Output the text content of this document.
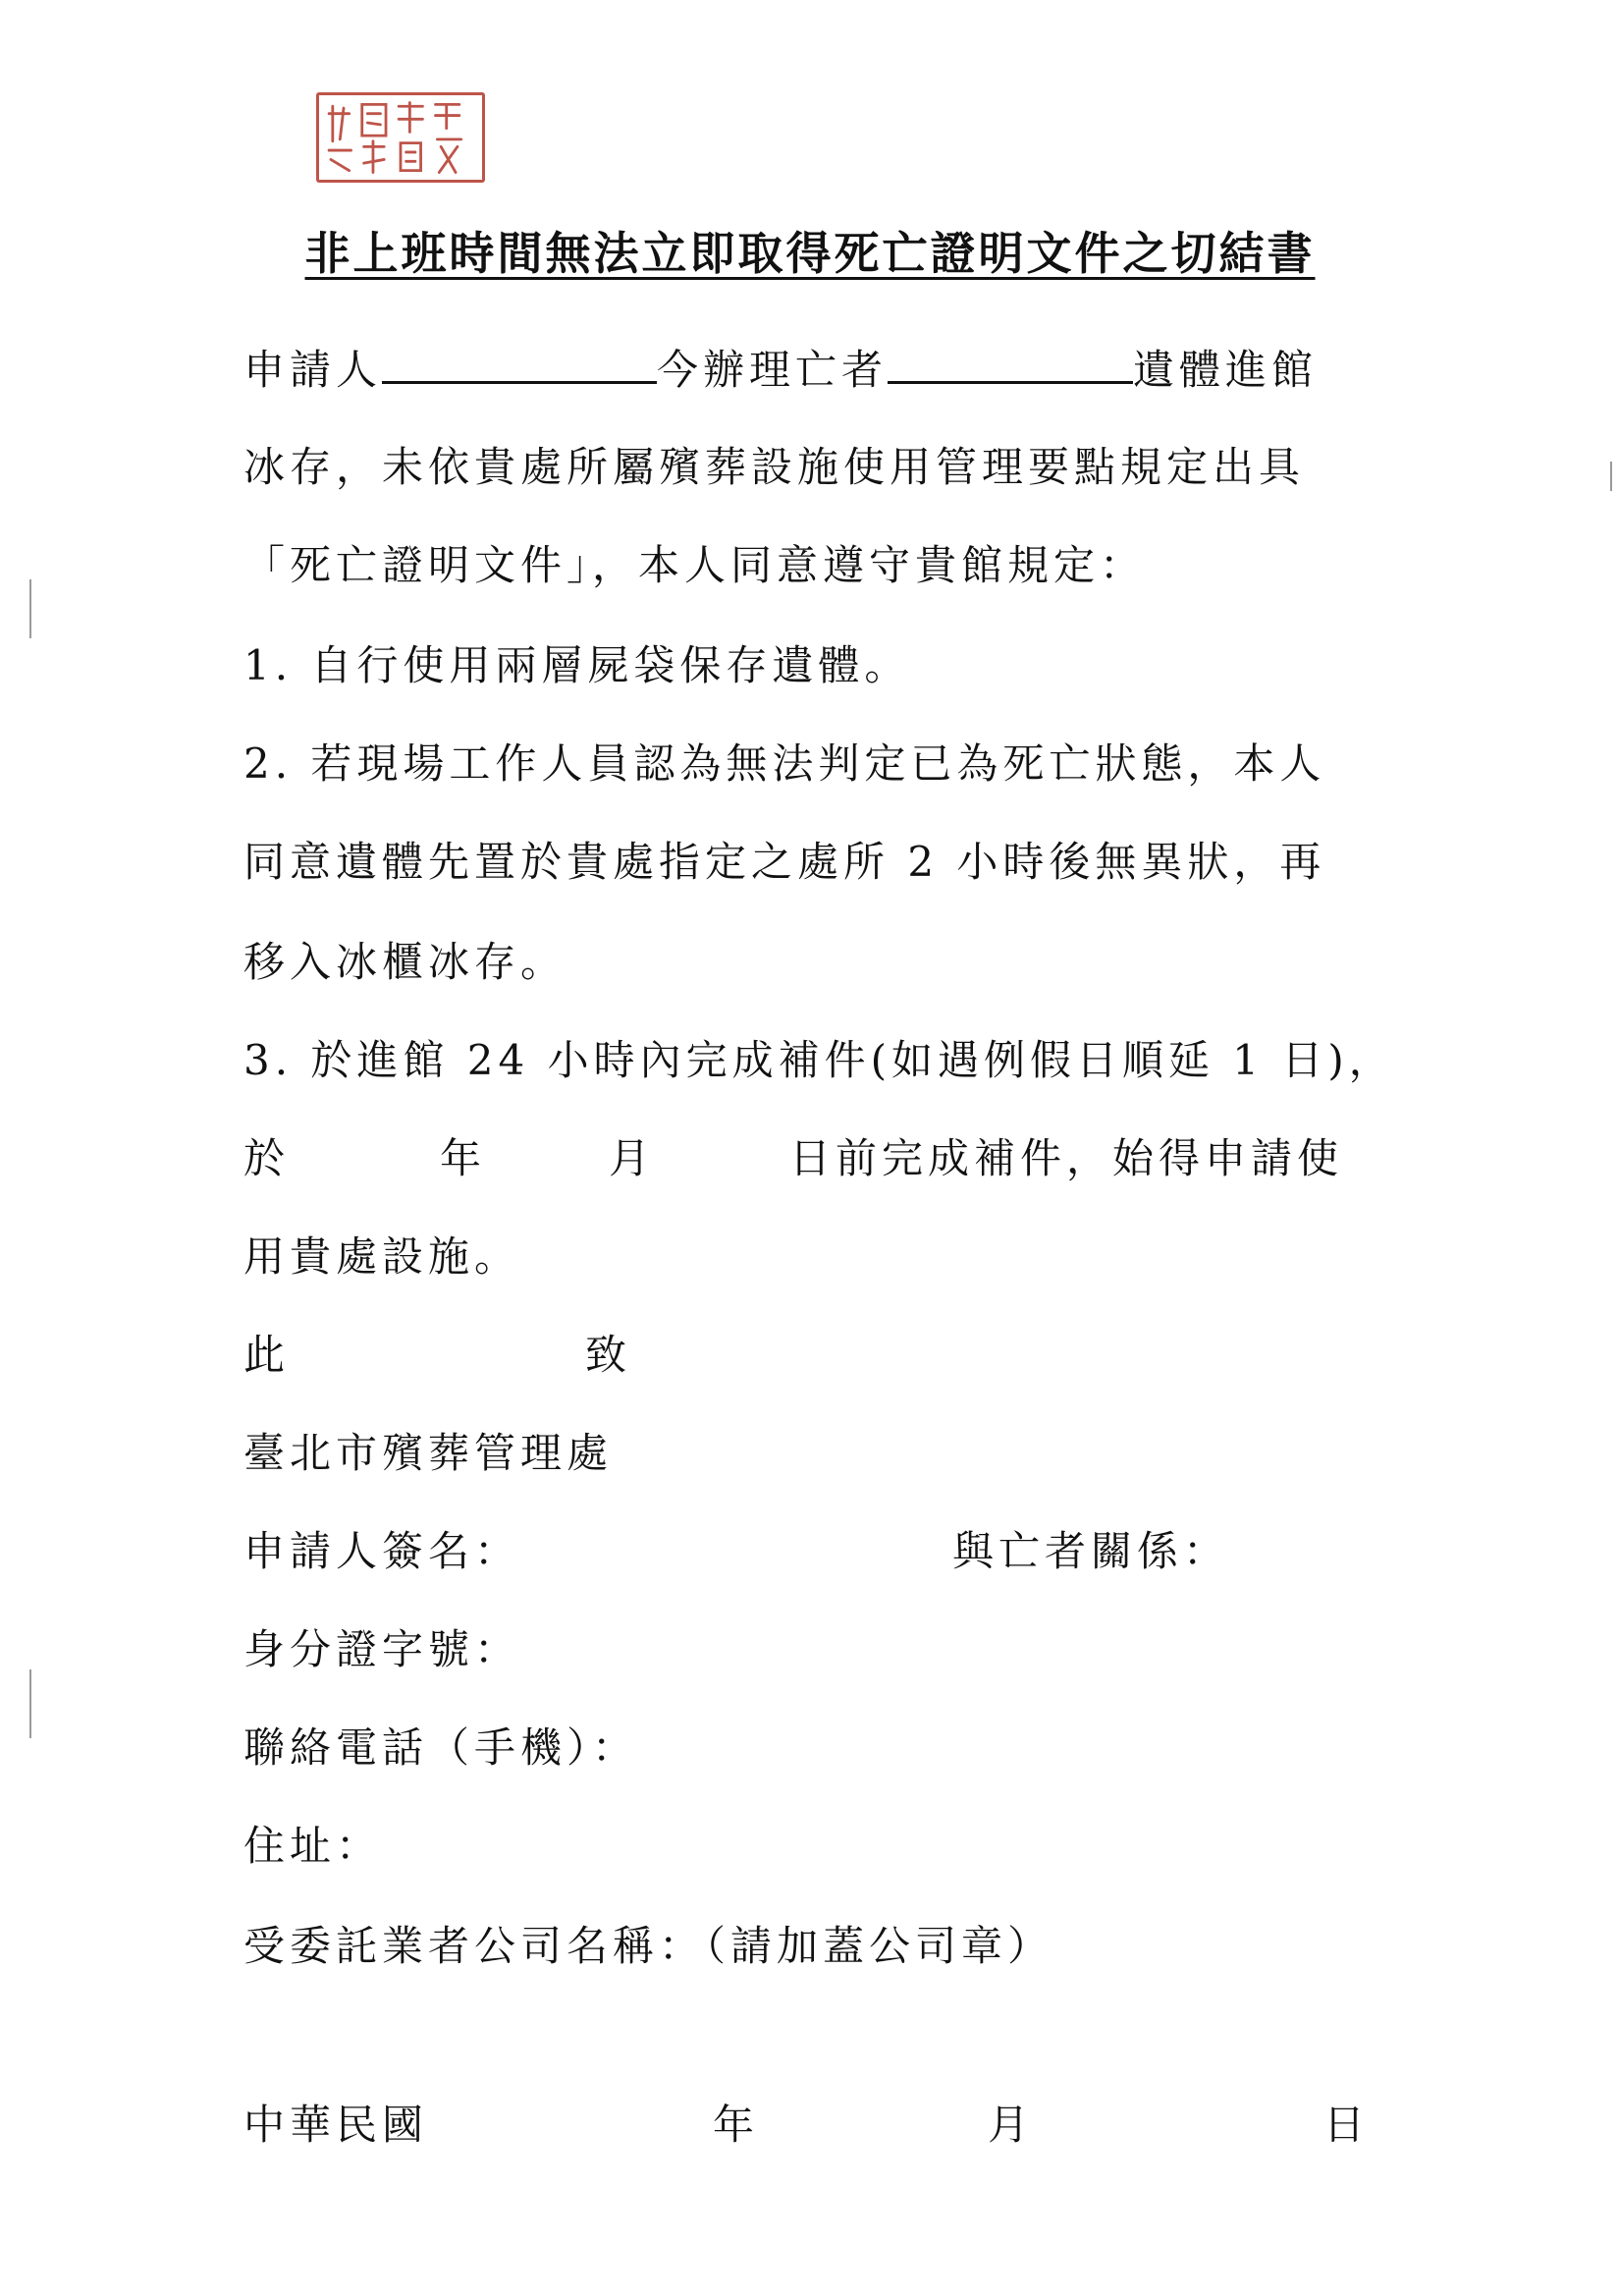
非上班時間無法立即取得死亡證明文件之切結書
申請人	今辦理亡者	遺體進館
冰存，未依貴處所屬殯葬設施使用管理要點規定出具
「死亡證明文件」，本人同意遵守貴館規定：
1. 自行使用兩層屍袋保存遺體。
2. 若現場工作人員認為無法判定已為死亡狀態，本人
同意遺體先置於貴處指定之處所 2 小時後無異狀，再
移入冰櫃冰存。
3. 於進館 24 小時內完成補件(如遇例假日順延 1 日)，
於	年	月	日前完成補件，始得申請使
用貴處設施。
此	致
臺北市殯葬管理處
申請人簽名：	與亡者關係：
身分證字號：
聯絡電話（手機）：
住址：
受委託業者公司名稱：（請加蓋公司章）
中華民國	年	月	日
